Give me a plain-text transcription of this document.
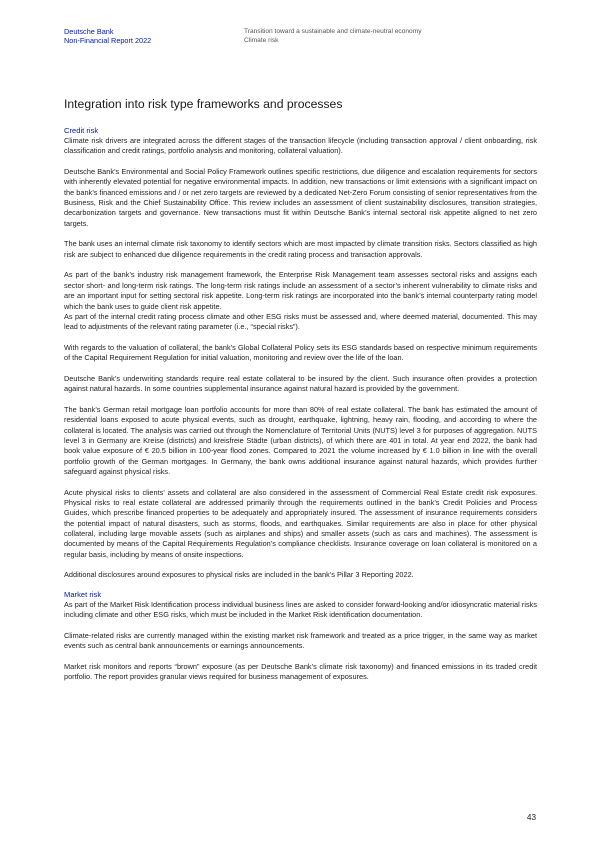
Deutsche Bank
Non-Financial Report 2022
Transition toward a sustainable and climate-neutral economy
Climate risk
Integration into risk type frameworks and processes
Credit risk

Climate risk drivers are integrated across the different stages of the transaction lifecycle (including transaction approval / client onboarding, risk classification and credit ratings, portfolio analysis and monitoring, collateral valuation).

Deutsche Bank’s Environmental and Social Policy Framework outlines specific restrictions, due diligence and escalation requirements for sectors with inherently elevated potential for negative environmental impacts. In addition, new transactions or limit extensions with a significant impact on the bank’s financed emissions and / or net zero targets are reviewed by a dedicated Net-Zero Forum consisting of senior representatives from the Business, Risk and the Chief Sustainability Office. This review includes an assessment of client sustainability disclosures, transition strategies, decarbonization targets and governance. New transactions must fit within Deutsche Bank’s internal sectoral risk appetite aligned to net zero targets.

The bank uses an internal climate risk taxonomy to identify sectors which are most impacted by climate transition risks. Sectors classified as high risk are subject to enhanced due diligence requirements in the credit rating process and transaction approvals.

As part of the bank’s industry risk management framework, the Enterprise Risk Management team assesses sectoral risks and assigns each sector short- and long-term risk ratings. The long-term risk ratings include an assessment of a sector’s inherent vulnerability to climate risks and are an important input for setting sectoral risk appetite. Long-term risk ratings are incorporated into the bank’s internal counterparty rating model which the bank uses to guide client risk appetite.

As part of the internal credit rating process climate and other ESG risks must be assessed and, where deemed material, documented. This may lead to adjustments of the relevant rating parameter (i.e., “special risks”).

With regards to the valuation of collateral, the bank’s Global Collateral Policy sets its ESG standards based on respective minimum requirements of the Capital Requirement Regulation for initial valuation, monitoring and review over the life of the loan.

Deutsche Bank’s underwriting standards require real estate collateral to be insured by the client. Such insurance often provides a protection against natural hazards. In some countries supplemental insurance against natural hazard is provided by the government.

The bank’s German retail mortgage loan portfolio accounts for more than 80% of real estate collateral. The bank has estimated the amount of residential loans exposed to acute physical events, such as drought, earthquake, lightning, heavy rain, flooding, and according to where the collateral is located. The analysis was carried out through the Nomenclature of Territorial Units (NUTS) level 3 for purposes of aggregation. NUTS level 3 in Germany are Kreise (districts) and kreisfreie Städte (urban districts), of which there are 401 in total. At year end 2022, the bank had book value exposure of € 20.5 billion in 100-year flood zones. Compared to 2021 the volume increased by € 1.0 billion in line with the overall portfolio growth of the German mortgages. In Germany, the bank owns additional insurance against natural hazards, which provides further safeguard against physical risks.

Acute physical risks to clients’ assets and collateral are also considered in the assessment of Commercial Real Estate credit risk exposures. Physical risks to real estate collateral are addressed primarily through the requirements outlined in the bank’s Credit Policies and Process Guides, which prescribe financed properties to be adequately and appropriately insured. The assessment of insurance requirements considers the potential impact of natural disasters, such as storms, floods, and earthquakes. Similar requirements are also in place for other physical collateral, including large movable assets (such as airplanes and ships) and smaller assets (such as cars and machines). The assessment is documented by means of the Capital Requirements Regulation’s compliance checklists. Insurance coverage on loan collateral is monitored on a regular basis, including by means of onsite inspections.

Additional disclosures around exposures to physical risks are included in the bank’s Pillar 3 Reporting 2022.

Market risk

As part of the Market Risk Identification process individual business lines are asked to consider forward-looking and/or idiosyncratic material risks including climate and other ESG risks, which must be included in the Market Risk identification documentation.

Climate-related risks are currently managed within the existing market risk framework and treated as a price trigger, in the same way as market events such as central bank announcements or earnings announcements.

Market risk monitors and reports “brown” exposure (as per Deutsche Bank’s climate risk taxonomy) and financed emissions in its traded credit portfolio. The report provides granular views required for business management of exposures.

43
